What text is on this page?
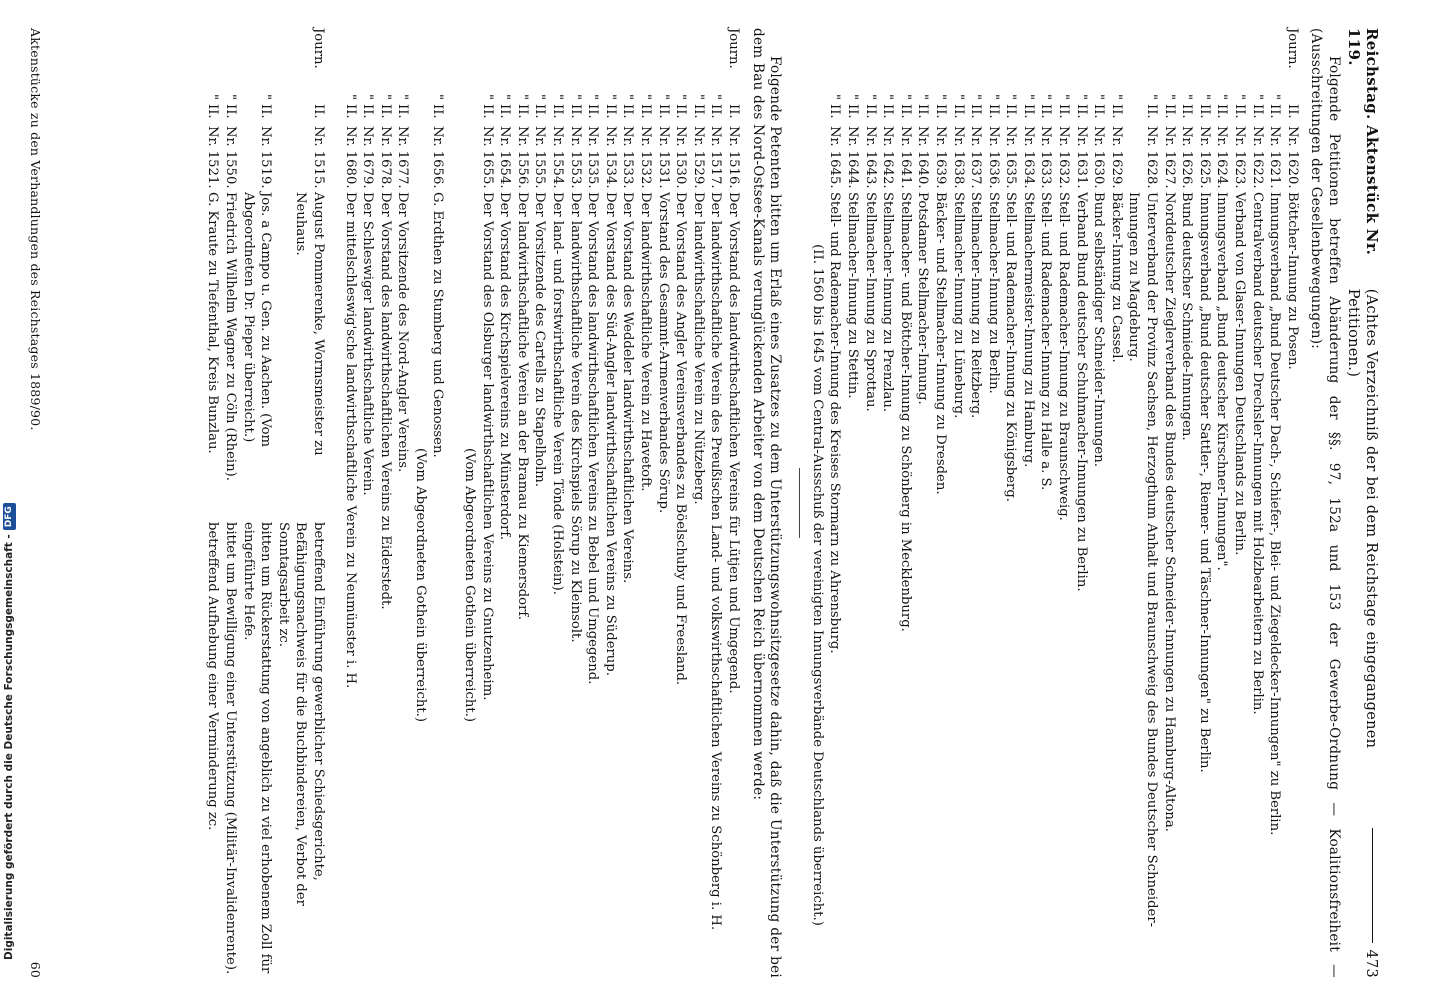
Reichstag. Aktenstück Nr. 119.
(Achtes Verzeichniß der bei dem Reichstage eingegangenen Petitionen.)
473
Folgende Petitionen betreffen Abänderung der §§. 97, 152a und 153 der Gewerbe-Ordnung — Koalitionsfreiheit — (Ausschreitungen der Gesellenbewegungen):
Journ.		II.	Nr. 1620.	Böttcher-Innung zu Posen.
	"	II.	Nr. 1621.	Innungsverband „Bund Deutscher Dach-, Schiefer-, Blei- und Ziegeldecker-Innungen" zu Berlin.
	"	II.	Nr. 1622.	Centralverband deutscher Drechsler-Innungen mit Holzbearbeitern zu Berlin.
	"	II.	Nr. 1623.	Verband von Glaser-Innungen Deutschlands zu Berlin.
	"	II.	Nr. 1624.	Innungsverband „Bund deutscher Kürschner-Innungen".
	"	II.	Nr. 1625.	Innungsverband „Bund deutscher Sattler-, Riemer- und Täschner-Innungen" zu Berlin.
	"	II.	Nr. 1626.	Bund deutscher Schmiede-Innungen.
	"	II.	Nr. 1627.	Norddeutscher Zieglerverband des Bundes deutscher Schneider-Innungen zu Hamburg-Altona.
	"	II.	Nr. 1628.	Unterverband der Provinz Sachsen, Herzogthum Anhalt und Braunschweig des Bundes Deutscher Schneider-Innungen zu Magdeburg.
	"	II.	Nr. 1629.	Bäcker-Innung zu Cassel.
	"	II.	Nr. 1630.	Bund selbständiger Schneider-Innungen.
	"	II.	Nr. 1631.	Verband Bund deutscher Schuhmacher-Innungen zu Berlin.
	"	II.	Nr. 1632.	Stell- und Rademacher-Innung zu Braunschweig.
	"	II.	Nr. 1633.	Stell- und Rademacher-Innung zu Halle a. S.
	"	II.	Nr. 1634.	Stellmachermeister-Innung zu Hamburg.
	"	II.	Nr. 1635.	Stell- und Rademacher-Innung zu Königsberg.
	"	II.	Nr. 1636.	Stellmacher-Innung zu Berlin.
	"	II.	Nr. 1637.	Stellmacher-Innung zu Reitzberg.
	"	II.	Nr. 1638.	Stellmacher-Innung zu Lüneburg.
	"	II.	Nr. 1639.	Bäcker- und Stellmacher-Innung zu Dresden.
	"	II.	Nr. 1640.	Potsdamer Stellmacher-Innung.
	"	II.	Nr. 1641.	Stellmacher- und Böttcher-Innung zu Schönberg in Mecklenburg.
	"	II.	Nr. 1642.	Stellmacher-Innung zu Prenzlau.
	"	II.	Nr. 1643.	Stellmacher-Innung zu Sprottau.
	"	II.	Nr. 1644.	Stellmacher-Innung zu Stettin.
	"	II.	Nr. 1645.	Stell- und Rademacher-Innung des Kreises Stormarn zu Ahrensburg.
				(II. 1560 bis 1645 vom Central-Ausschuß der vereinigten Innungsverbände Deutschlands überreicht.)
Folgende Petenten bitten um Erlaß eines Zusatzes zu dem Unterstützungswohnsitzgesetze dahin, daß die Unterstützung der bei dem Bau des Nord-Ostsee-Kanals verunglückenden Arbeiter von dem Deutschen Reich übernommen werde:
Journ.		II.	Nr. 1516.	Der Vorstand des landwirthschaftlichen Vereins für Lütjen und Umgegend.
	"	II.	Nr. 1517.	Der landwirthschaftliche Verein des Preußischen Land- und volkswirthschaftlichen Vereins zu Schönberg i. H.
	"	II.	Nr. 1529.	Der landwirthschaftliche Verein zu Nützeberg.
	"	II.	Nr. 1530.	Der Vorstand des Angler Vereinsverbandes zu Böelschuby und Freesland.
	"	II.	Nr. 1531.	Vorstand des Gesammt-Armenverbandes Sörup.
	"	II.	Nr. 1532.	Der landwirthschaftliche Verein zu Havetoft.
	"	II.	Nr. 1533.	Der Vorstand des Weddeler landwirthschaftlichen Vereins.
	"	II.	Nr. 1534.	Der Vorstand des Süd-Angler landwirthschaftlichen Vereins zu Süderup.
	"	II.	Nr. 1535.	Der Vorstand des landwirthschaftlichen Vereins zu Bebel und Umgegend.
	"	II.	Nr. 1553.	Der landwirthschaftliche Verein des Kirchspiels Sörup zu Kleinsolt.
	"	II.	Nr. 1554.	Der land- und forstwirthschaftliche Verein Tönde (Holstein).
	"	II.	Nr. 1555.	Der Vorsitzende des Cartells zu Stapelholm.
	"	II.	Nr. 1556.	Der landwirthschaftliche Verein an der Bramau zu Kiemersdorf.
	"	II.	Nr. 1654.	Der Vorstand des Kirchspielvereins zu Münsterdorf.
	"	II.	Nr. 1655.	Der Vorstand des Olsburger landwirthschaftlichen Vereins zu Gnutzenheim.
				(Vom Abgeordneten Gothein überreicht.)
	"	II.	Nr. 1656.	G. Erdthen zu Stumberg und Genossen.
				(Vom Abgeordneten Gothein überreicht.)
	"	II.	Nr. 1677.	Der Vorsitzende des Nord-Angler Vereins.
	"	II.	Nr. 1678.	Der Vorstand des landwirthschaftlichen Vereins zu Eiderstedt.
	"	II.	Nr. 1679.	Der Schleswiger landwirthschaftliche Verein.
	"	II.	Nr. 1680.	Der mittelschleswig'sche landwirthschaftliche Verein zu Neumünster i. H.
Journ.		II.	Nr. 1515.	August Pommerenke, Wormsmeister zu Neuhaus.	betreffend Einführung gewerblicher Schiedsgerichte, Befähigungsnachweis für die Buchbindereien, Verbot der Sonntagsarbeit zc.
	"	II.	Nr. 1519.	Jos. a Campo u. Gen. zu Aachen. (Vom Abgeordneten Dr. Pieper überreicht.)	bitten um Rückerstattung von angeblich zu viel erhobenem Zoll für eingeführte Hefe.
	"	II.	Nr. 1550.	Friedrich Wilhelm Wagner zu Cöln (Rhein).	bittet um Bewilligung einer Unterstützung (Militär-Invalidenrente).
	"	II.	Nr. 1521.	G. Kraute zu Tiefenthal, Kreis Bunzlau.	betreffend Aufhebung einer Verminderung zc.
Aktenstücke zu den Verhandlungen des Reichstages 1889/90.
60
Digitalisierung gefördert durch die Deutsche Forschungsgemeinschaft -
DFG
